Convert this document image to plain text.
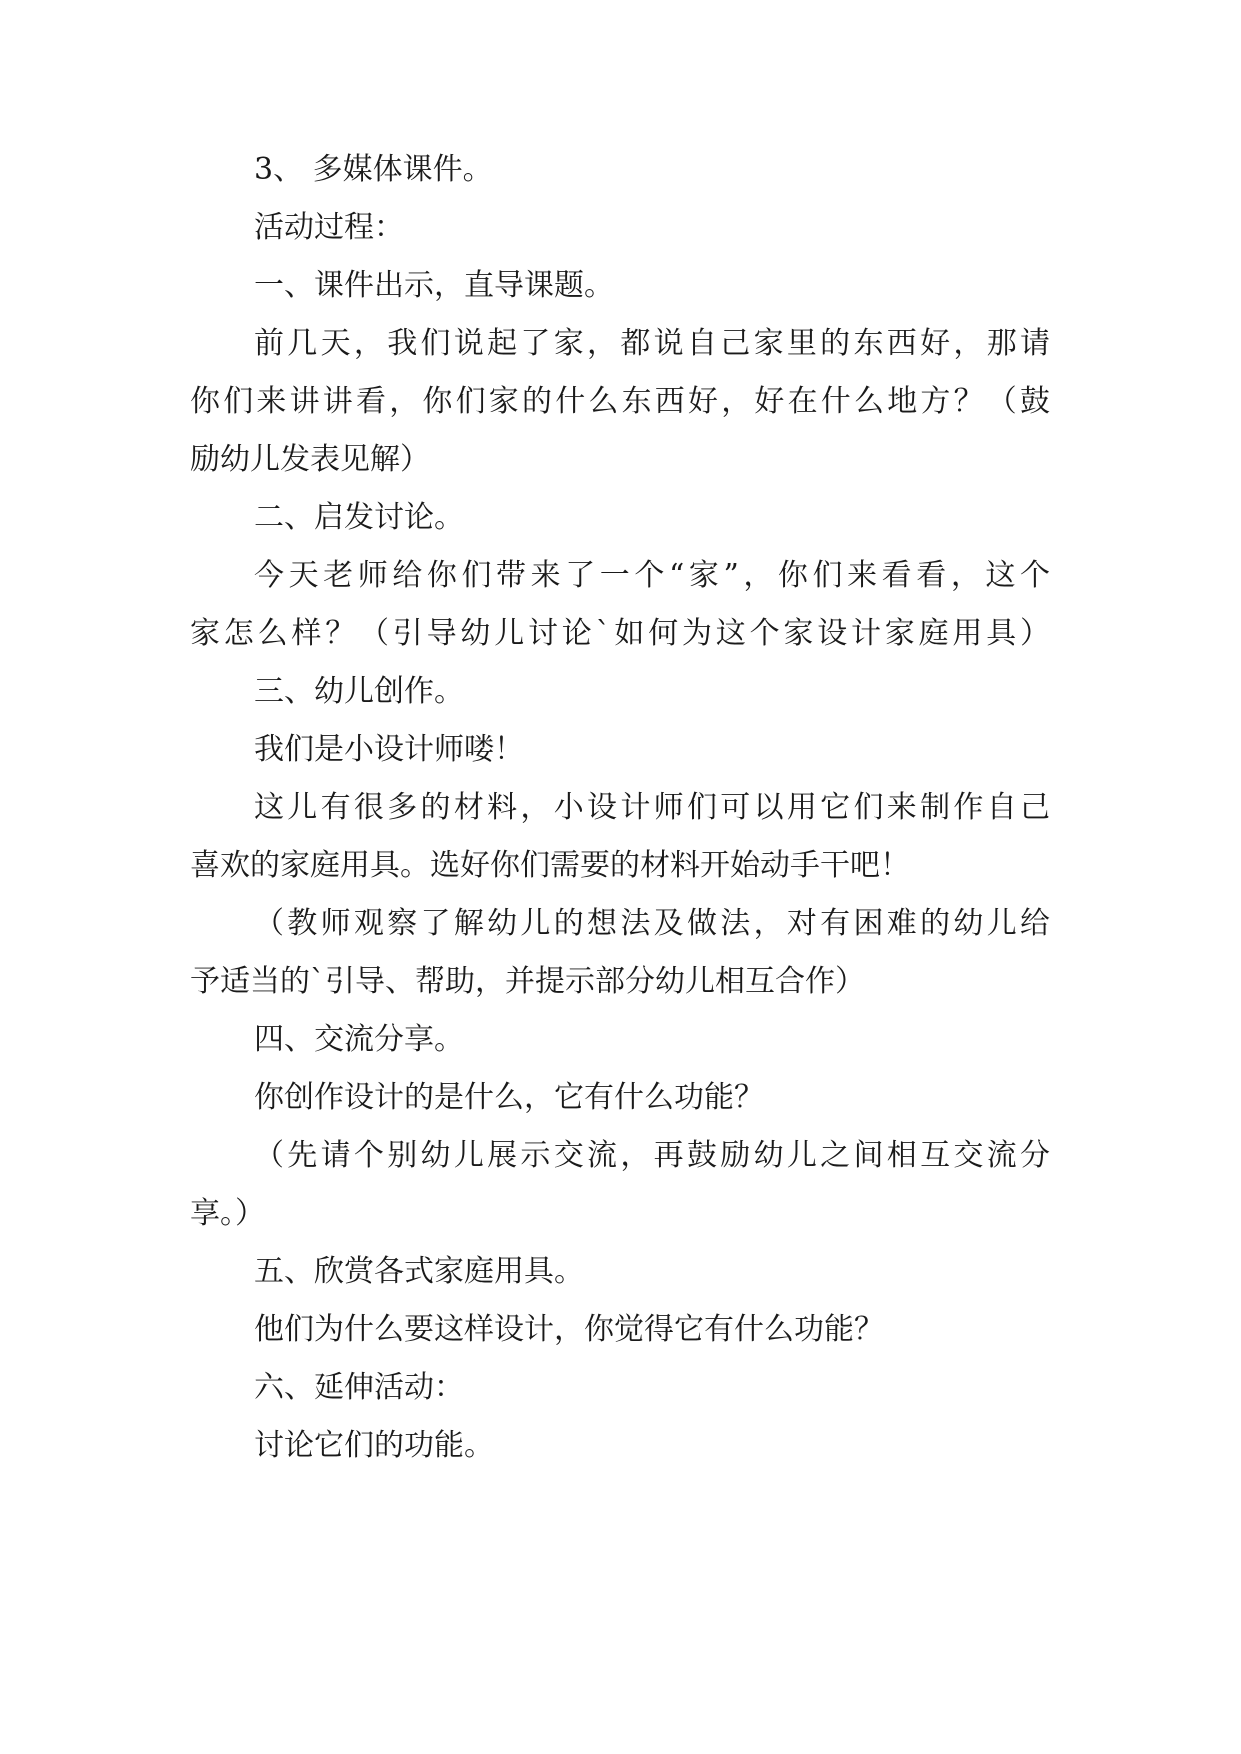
3、 多媒体课件。

活动过程：

一、课件出示，直导课题。

前几天，我们说起了家，都说自己家里的东西好，那请

你们来讲讲看，你们家的什么东西好，好在什么地方？（鼓

励幼儿发表见解）

二、启发讨论。

今天老师给你们带来了一个“家”，你们来看看，这个

家怎么样？（引导幼儿讨论`如何为这个家设计家庭用具）

三、幼儿创作。

我们是小设计师喽！

这儿有很多的材料，小设计师们可以用它们来制作自己

喜欢的家庭用具。选好你们需要的材料开始动手干吧！

（教师观察了解幼儿的想法及做法，对有困难的幼儿给

予适当的`引导、帮助，并提示部分幼儿相互合作）

四、交流分享。

你创作设计的是什么，它有什么功能？

（先请个别幼儿展示交流，再鼓励幼儿之间相互交流分

享。）

五、欣赏各式家庭用具。

他们为什么要这样设计，你觉得它有什么功能？

六、延伸活动：

讨论它们的功能。
